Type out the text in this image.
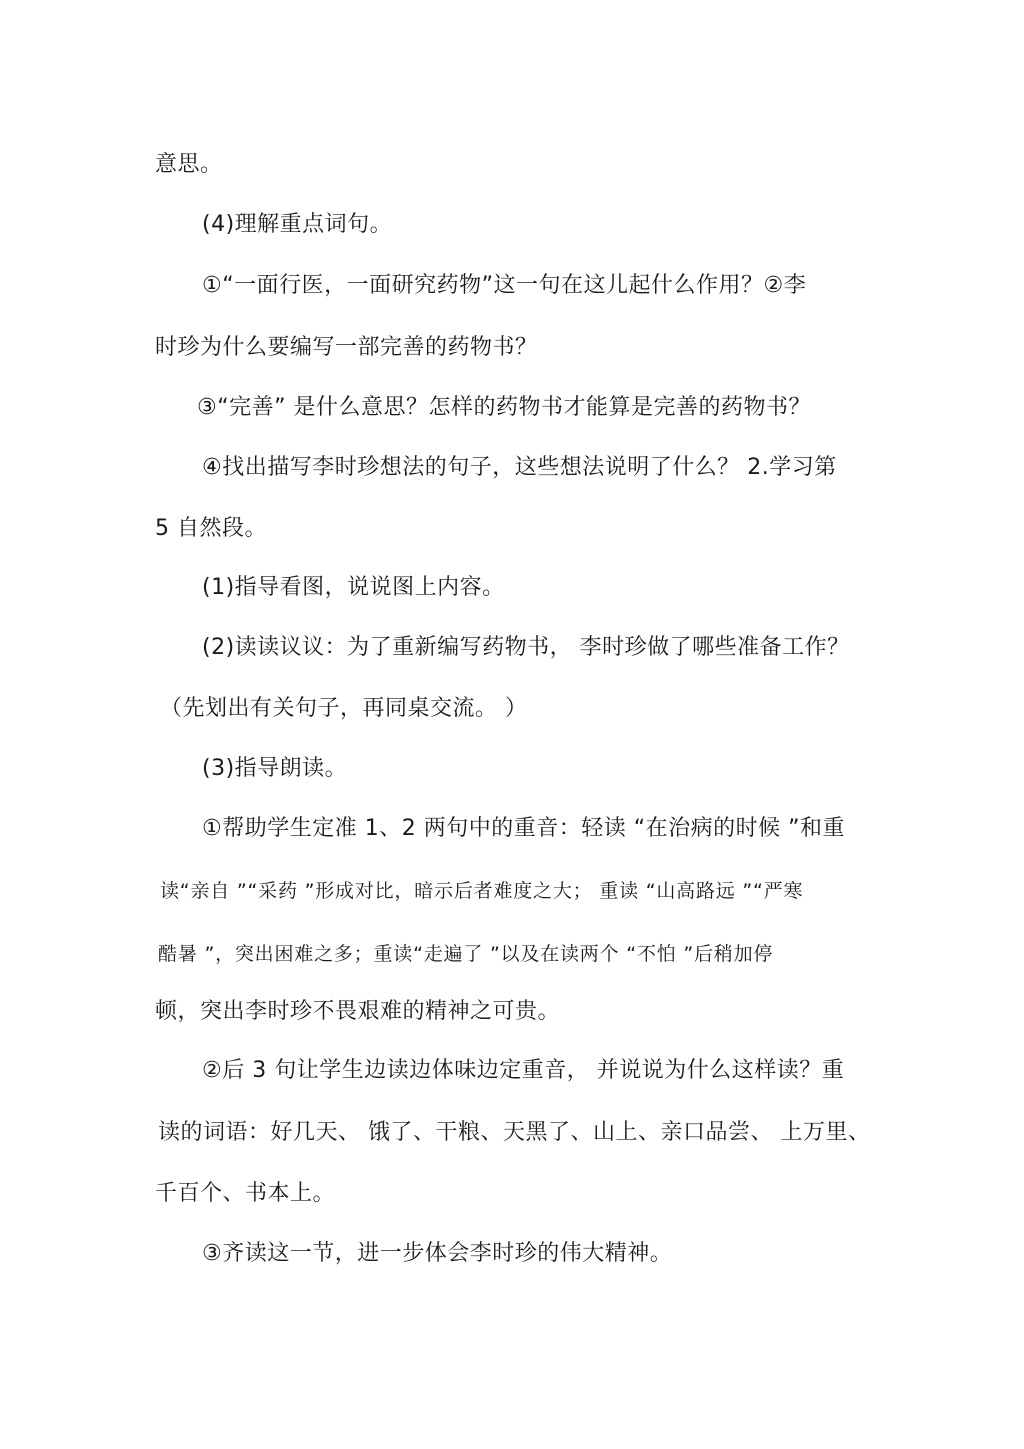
意思。
(4)理解重点词句。
①“一面行医，一面研究药物”这一句在这儿起什么作用？②李
时珍为什么要编写一部完善的药物书？
③“完善” 是什么意思？怎样的药物书才能算是完善的药物书？
④找出描写李时珍想法的句子，这些想法说明了什么？ 2.学习第
5 自然段。
(1)指导看图，说说图上内容。
(2)读读议议：为了重新编写药物书， 李时珍做了哪些准备工作？
（先划出有关句子，再同桌交流。 ）
(3)指导朗读。
①帮助学生定准 1、2 两句中的重音：轻读 “在治病的时候 ”和重
读“亲自 ”“采药 ”形成对比，暗示后者难度之大； 重读 “山高路远 ”“严寒
酷暑 ”，突出困难之多；重读“走遍了 ”以及在读两个 “不怕 ”后稍加停
顿，突出李时珍不畏艰难的精神之可贵。
②后 3 句让学生边读边体味边定重音， 并说说为什么这样读？重
读的词语：好几天、 饿了、干粮、天黑了、山上、亲口品尝、 上万里、
千百个、书本上。
③齐读这一节，进一步体会李时珍的伟大精神。
